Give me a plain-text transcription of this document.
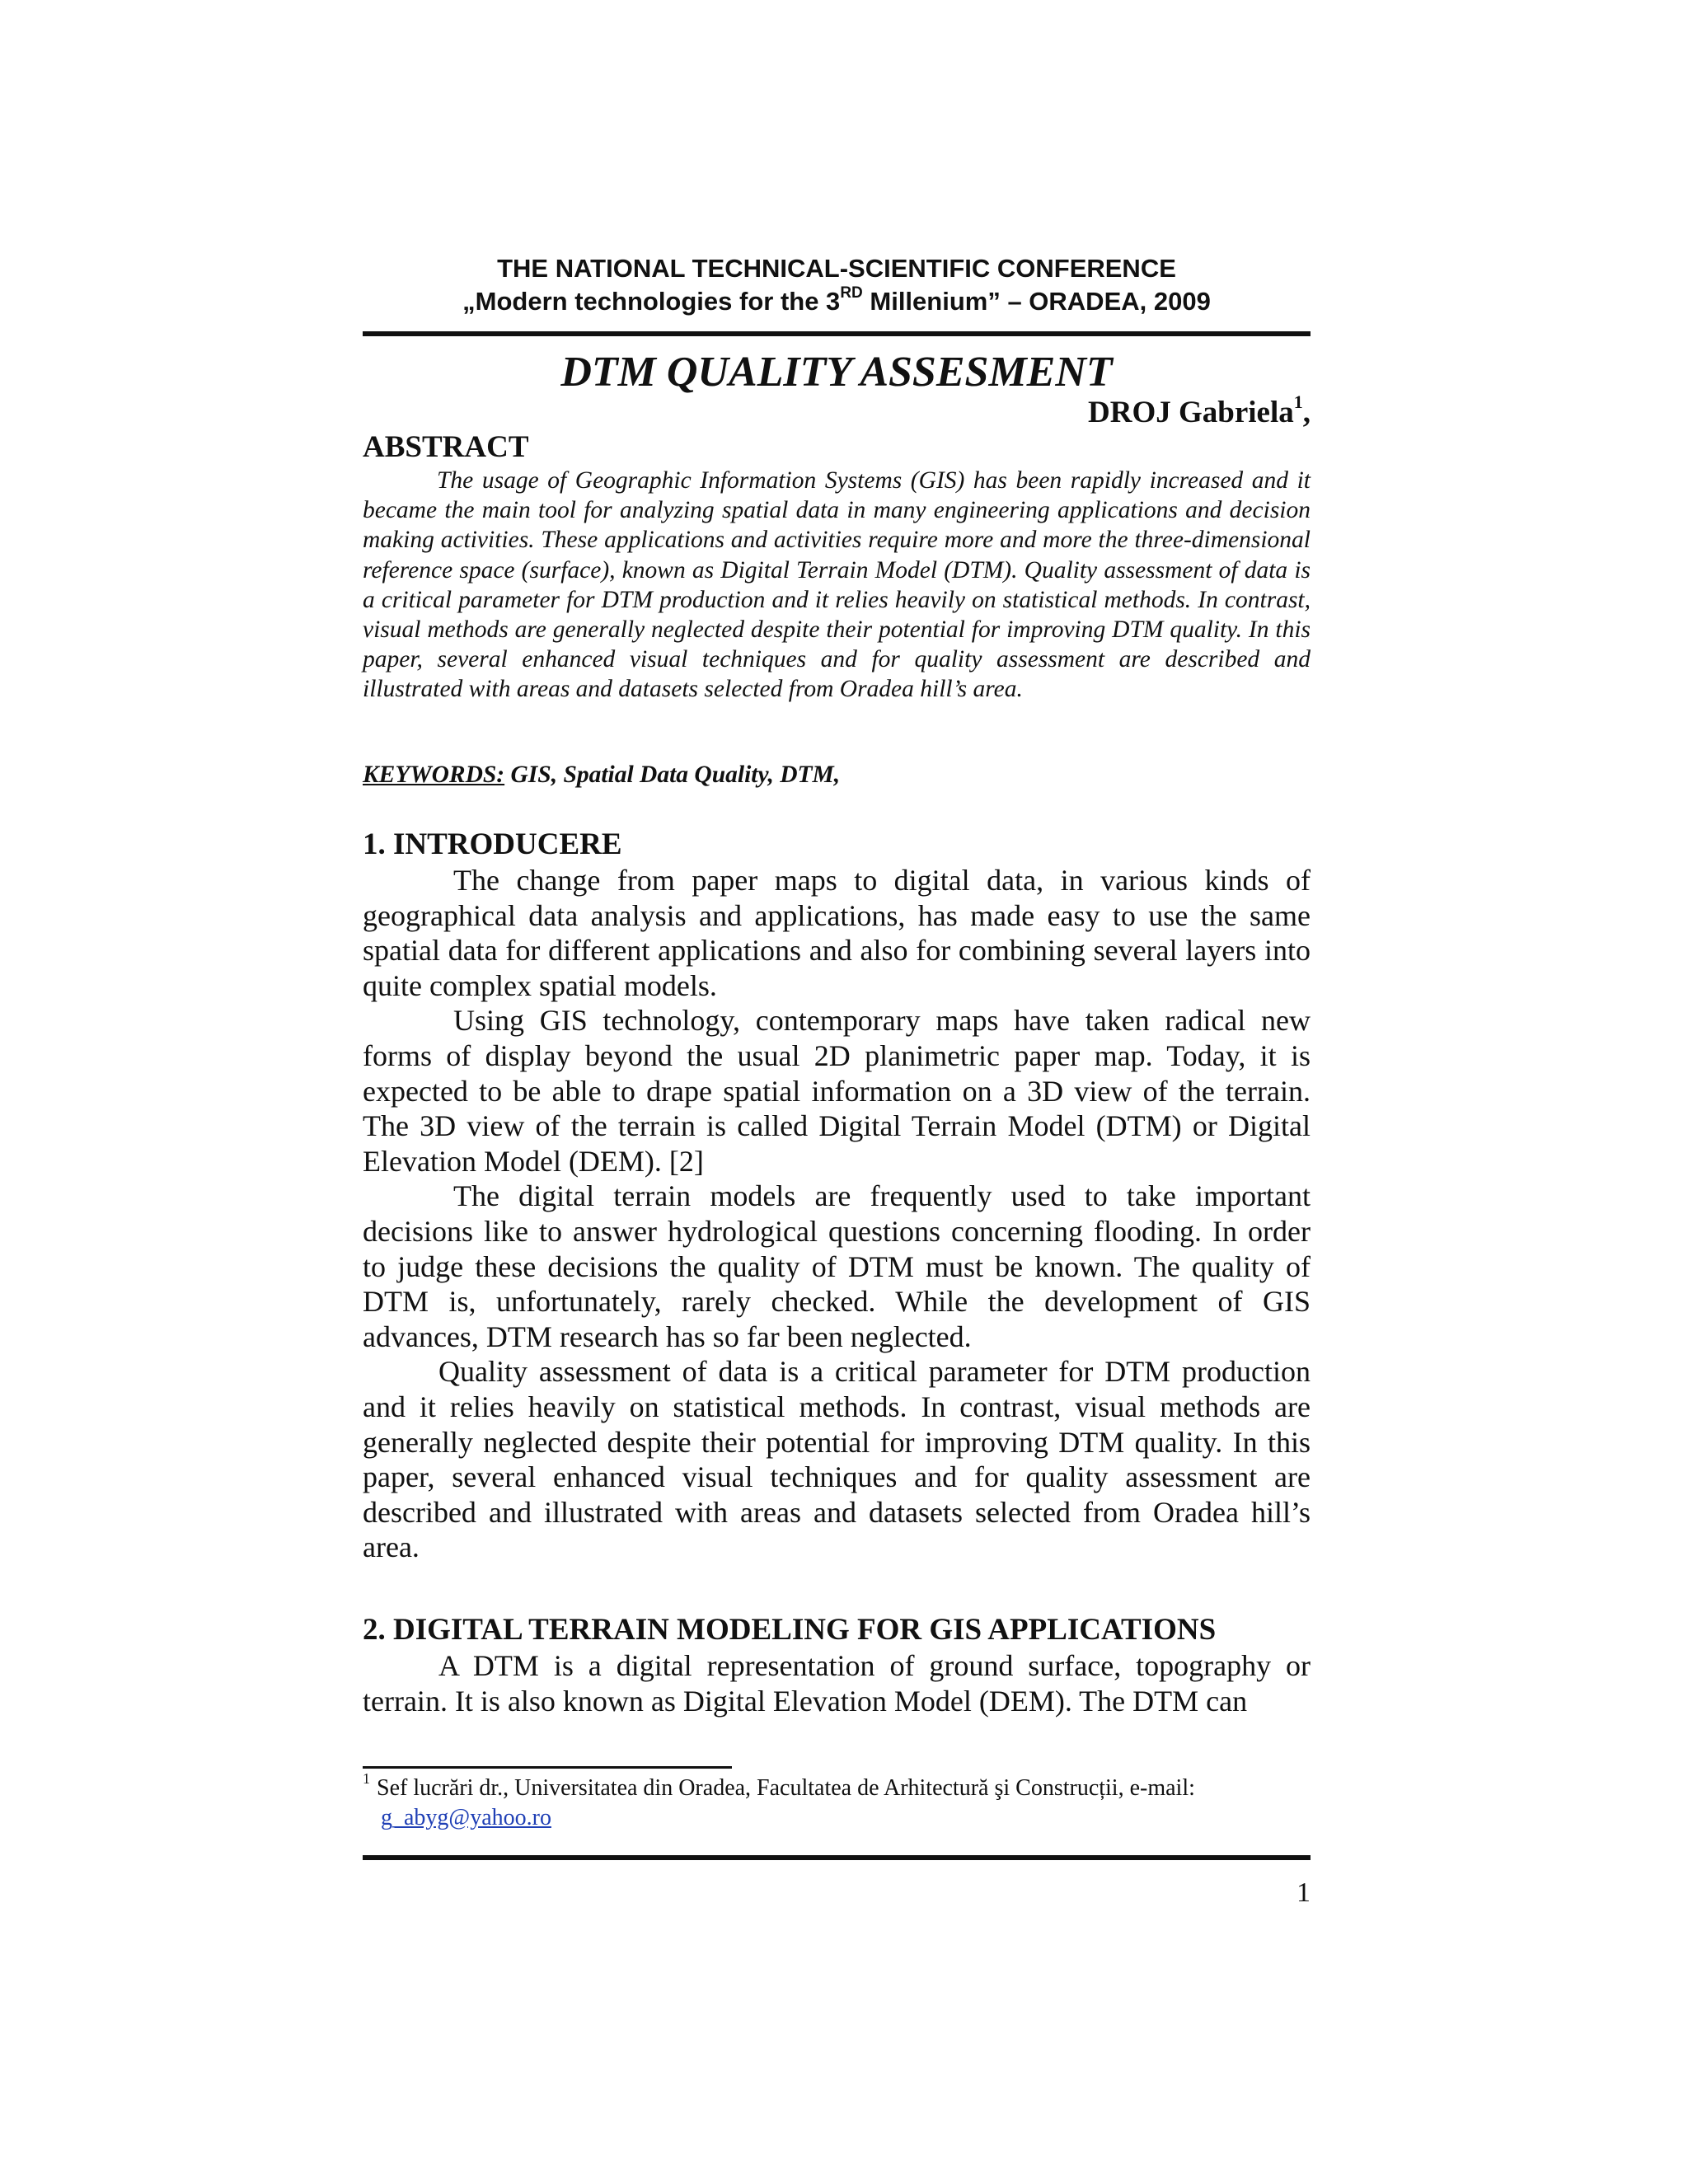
THE NATIONAL TECHNICAL-SCIENTIFIC CONFERENCE
„Modern technologies for the 3RD Millenium” – ORADEA, 2009
DTM QUALITY ASSESMENT
DROJ Gabriela$^1$,
ABSTRACT

The usage of Geographic Information Systems (GIS) has been rapidly increased and it became the main tool for analyzing spatial data in many engineering applications and decision making activities. These applications and activities require more and more the three-dimensional reference space (surface), known as Digital Terrain Model (DTM). Quality assessment of data is a critical parameter for DTM production and it relies heavily on statistical methods. In contrast, visual methods are generally neglected despite their potential for improving DTM quality. In this paper, several enhanced visual techniques and for quality assessment are described and illustrated with areas and datasets selected from Oradea hill’s area.

KEYWORDS: GIS, Spatial Data Quality, DTM,

1. INTRODUCERE

The change from paper maps to digital data, in various kinds of geographical data analysis and applications, has made easy to use the same spatial data for different applications and also for combining several layers into quite complex spatial models.

Using GIS technology, contemporary maps have taken radical new forms of display beyond the usual 2D planimetric paper map. Today, it is expected to be able to drape spatial information on a 3D view of the terrain. The 3D view of the terrain is called Digital Terrain Model (DTM) or Digital Elevation Model (DEM). [2]

The digital terrain models are frequently used to take important decisions like to answer hydrological questions concerning flooding. In order to judge these decisions the quality of DTM must be known. The quality of DTM is, unfortunately, rarely checked. While the development of GIS advances, DTM research has so far been neglected.

Quality assessment of data is a critical parameter for DTM production and it relies heavily on statistical methods. In contrast, visual methods are generally neglected despite their potential for improving DTM quality. In this paper, several enhanced visual techniques and for quality assessment are described and illustrated with areas and datasets selected from Oradea hill’s area.

2. DIGITAL TERRAIN MODELING FOR GIS APPLICATIONS

A DTM is a digital representation of ground surface, topography or terrain. It is also known as Digital Elevation Model (DEM). The DTM can

$^1$ Sef lucrări dr., Universitatea din Oradea, Facultatea de Arhitectură şi Construcții, e-mail:
g_abyg@yahoo.ro

1
